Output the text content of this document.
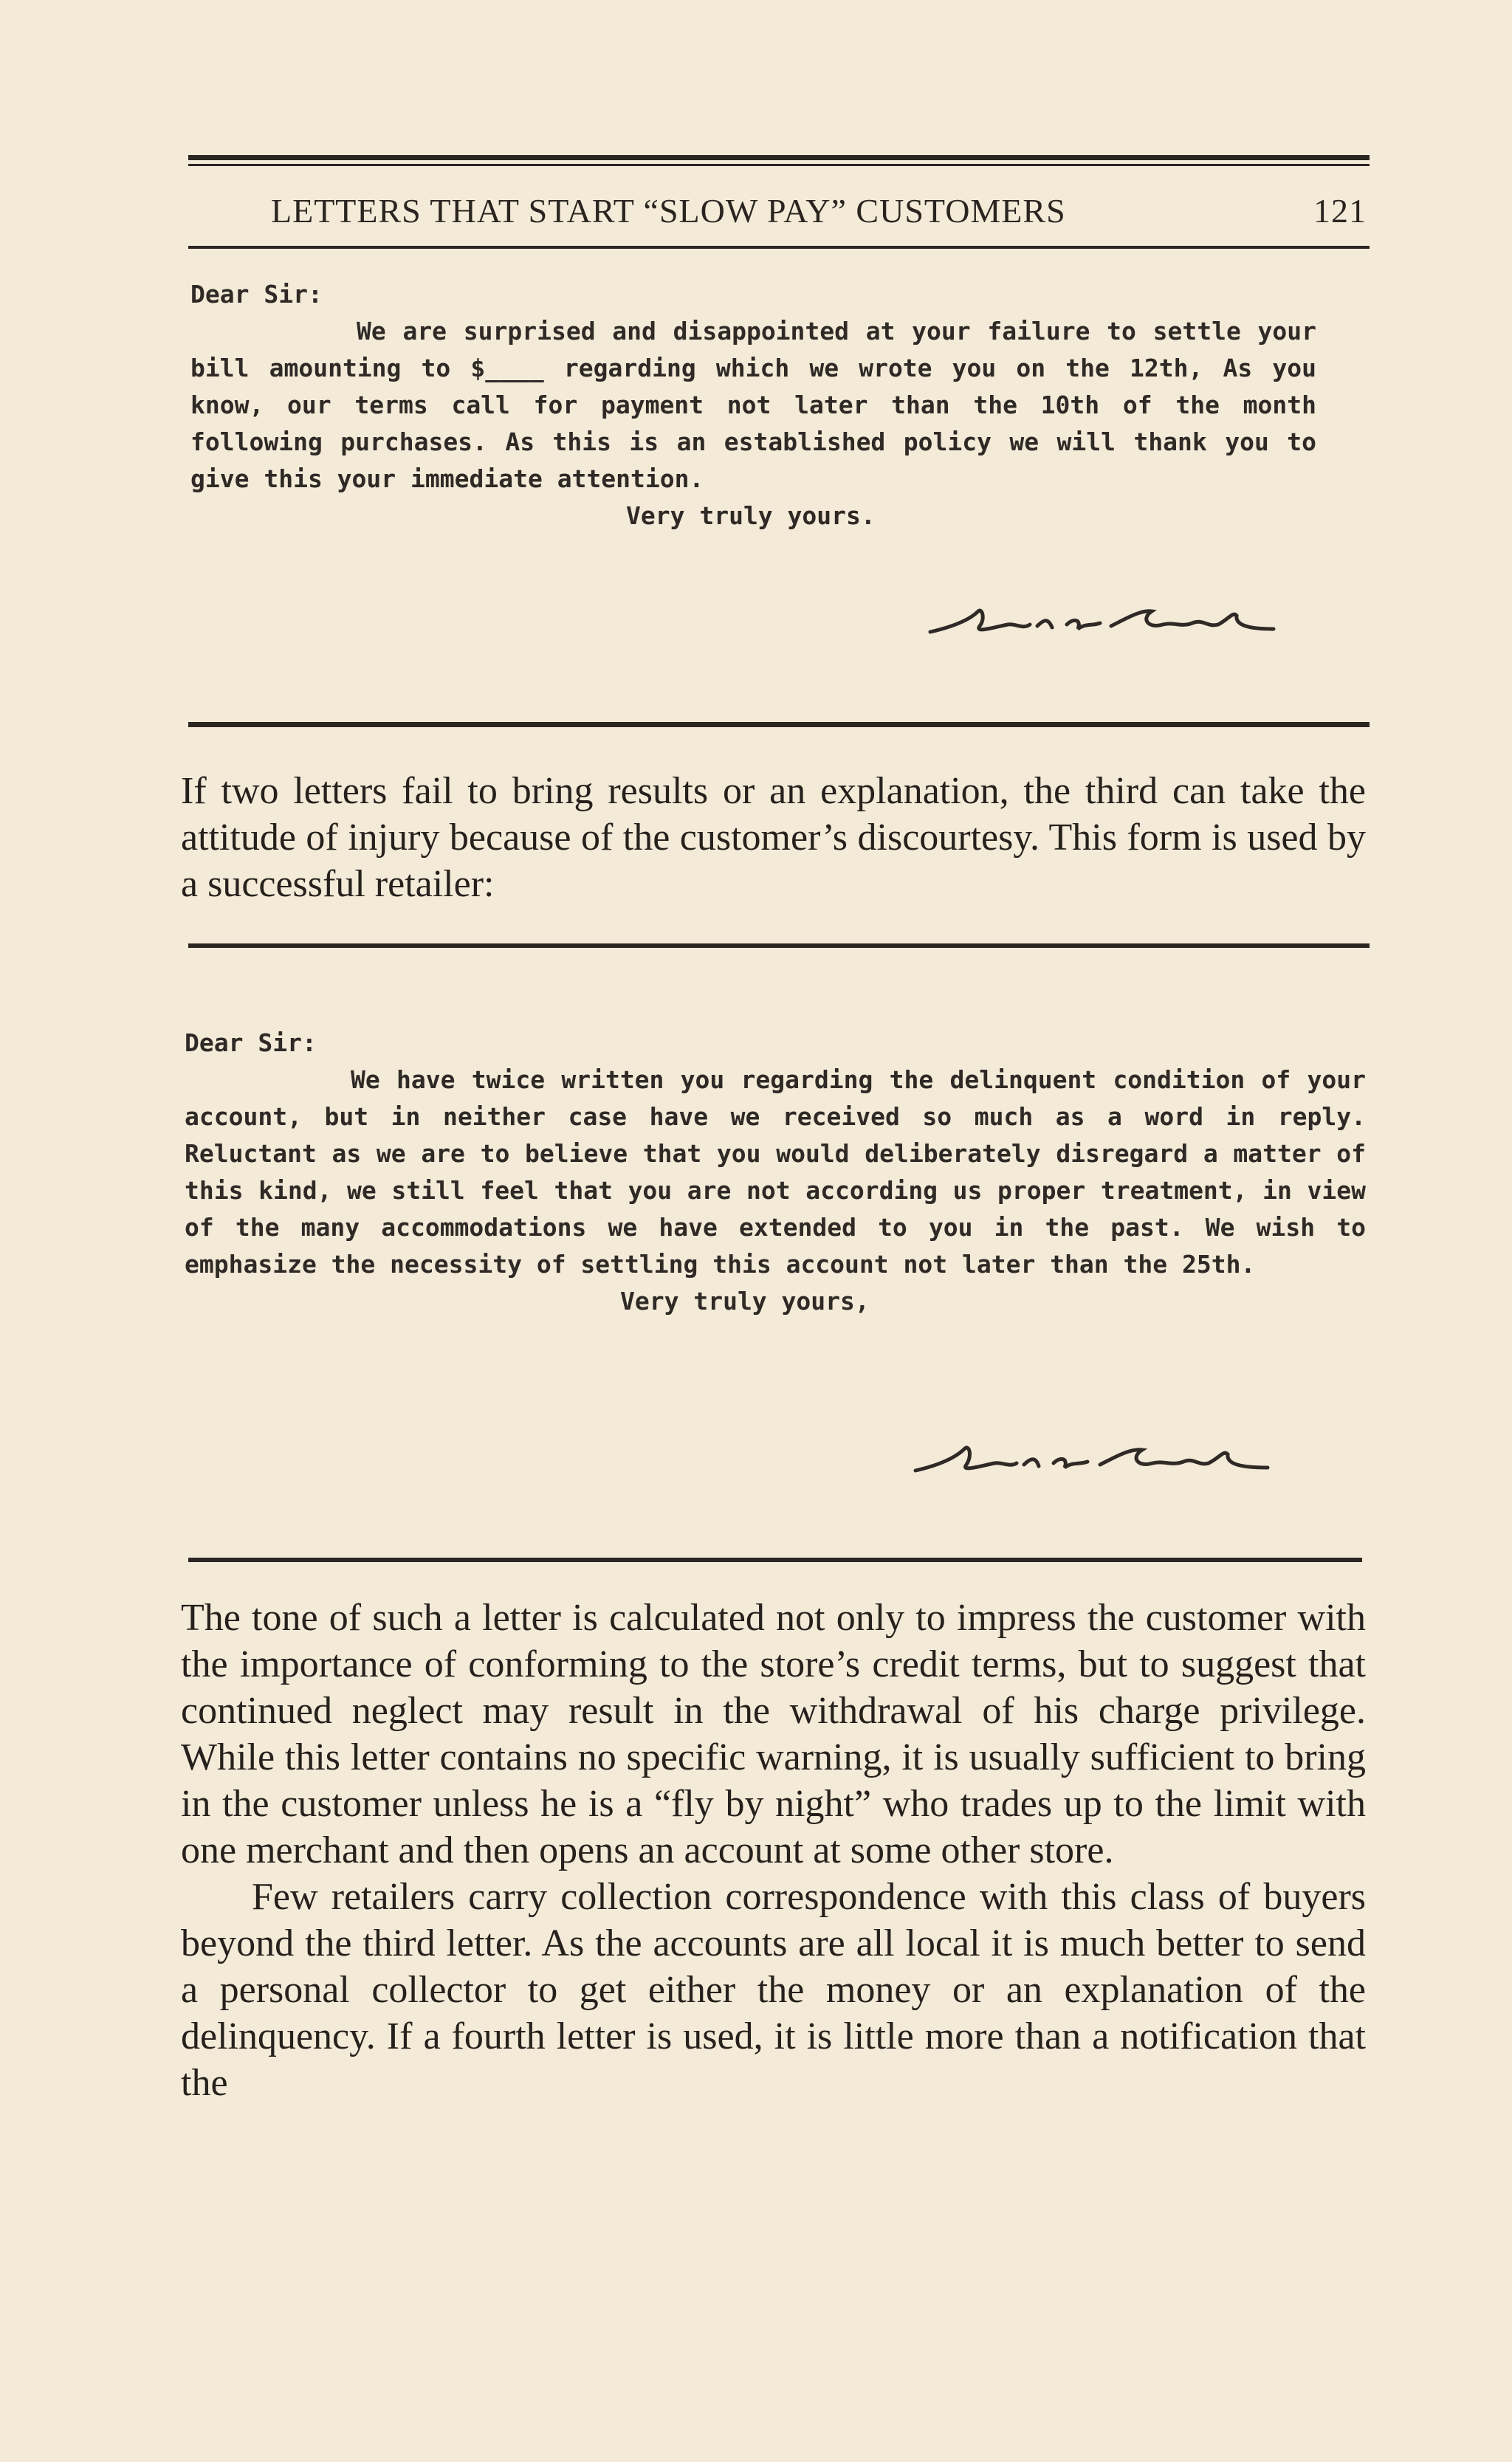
LETTERS THAT START “SLOW PAY” CUSTOMERS	121
Dear Sir:
We are surprised and disappointed at your failure to settle your bill amounting to $____ regarding which we wrote you on the 12th, As you know, our terms call for payment not later than the 10th of the month following purchases. As this is an established policy we will thank you to give this your immediate attention.
Very truly yours.

If two letters fail to bring results or an explanation, the third can take the attitude of injury because of the customer’s discourtesy. This form is used by a successful retailer:

Dear Sir:
We have twice written you regarding the delinquent condition of your account, but in neither case have we received so much as a word in reply. Reluctant as we are to believe that you would deliberately disregard a matter of this kind, we still feel that you are not according us proper treatment, in view of the many accommodations we have extended to you in the past. We wish to emphasize the necessity of settling this account not later than the 25th.
Very truly yours,

The tone of such a letter is calculated not only to impress the customer with the importance of conforming to the store’s credit terms, but to suggest that continued neglect may result in the withdrawal of his charge privilege. While this letter contains no specific warning, it is usually sufficient to bring in the customer unless he is a “fly by night” who trades up to the limit with one merchant and then opens an account at some other store.

Few retailers carry collection correspondence with this class of buyers beyond the third letter. As the accounts are all local it is much better to send a personal collector to get either the money or an explanation of the delinquency. If a fourth letter is used, it is little more than a notification that the
